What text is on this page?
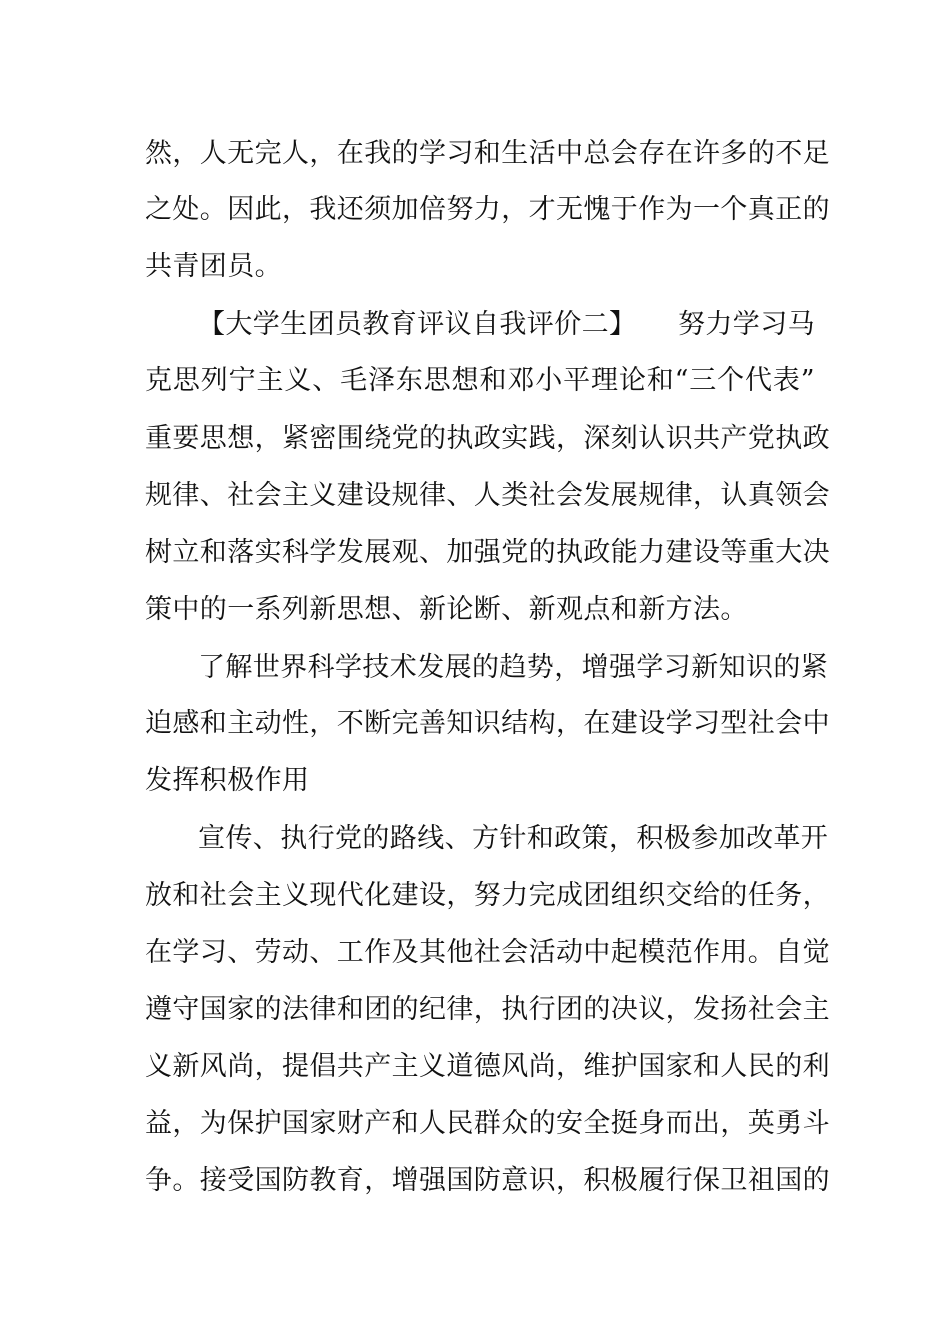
然，人无完人，在我的学习和生活中总会存在许多的不足
之处。因此，我还须加倍努力，才无愧于作为一个真正的
共青团员。
【大学生团员教育评议自我评价二】 努力学习马
克思列宁主义、毛泽东思想和邓小平理论和“三个代表”
重要思想，紧密围绕党的执政实践，深刻认识共产党执政
规律、社会主义建设规律、人类社会发展规律，认真领会
树立和落实科学发展观、加强党的执政能力建设等重大决
策中的一系列新思想、新论断、新观点和新方法。
了解世界科学技术发展的趋势，增强学习新知识的紧
迫感和主动性，不断完善知识结构，在建设学习型社会中
发挥积极作用
宣传、执行党的路线、方针和政策，积极参加改革开
放和社会主义现代化建设，努力完成团组织交给的任务，
在学习、劳动、工作及其他社会活动中起模范作用。自觉
遵守国家的法律和团的纪律，执行团的决议，发扬社会主
义新风尚，提倡共产主义道德风尚，维护国家和人民的利
益，为保护国家财产和人民群众的安全挺身而出，英勇斗
争。接受国防教育，增强国防意识，积极履行保卫祖国的
